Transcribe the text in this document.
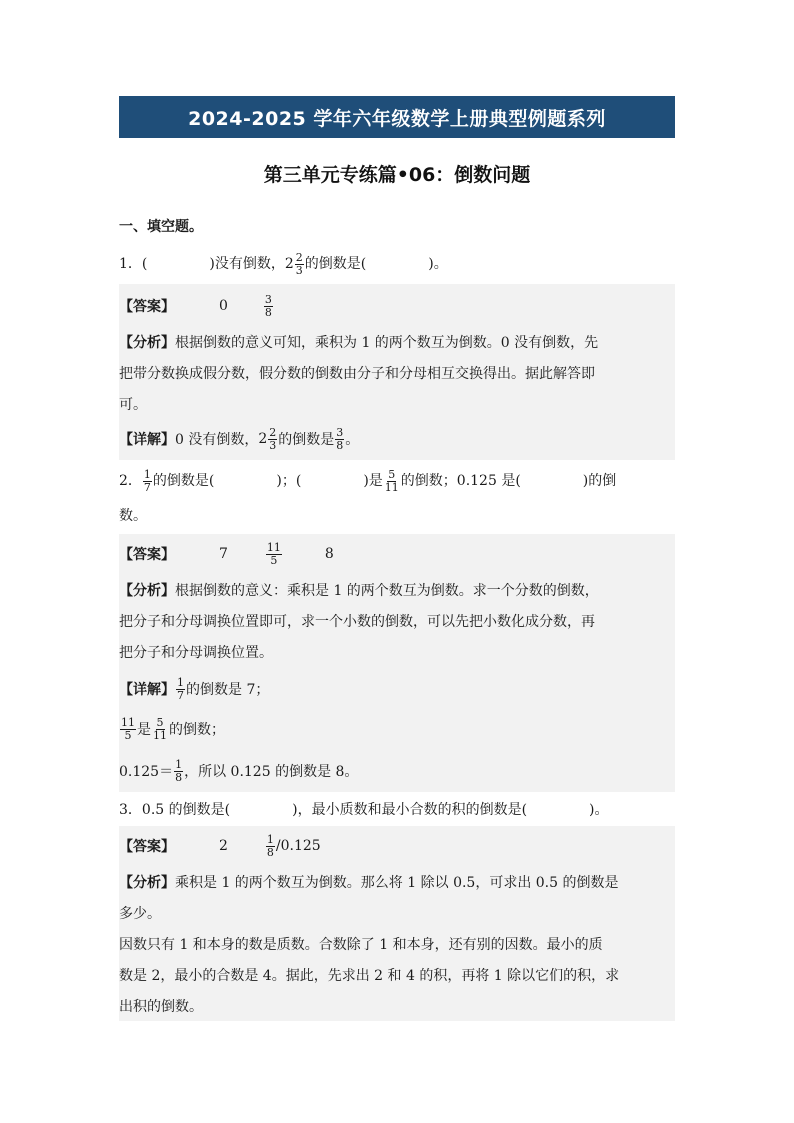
2024-2025 学年六年级数学上册典型例题系列
第三单元专练篇•06：倒数问题
一、填空题。
1．(	)没有倒数，$2 \frac{2}{3}$ 的倒数是(	)。
【答案】	0	$\frac{3}{8}$
【分析】根据倒数的意义可知，乘积为 1 的两个数互为倒数。0 没有倒数，先
把带分数换成假分数，假分数的倒数由分子和分母相互交换得出。据此解答即
可。
【详解】 0 没有倒数， $2 \frac{2}{3}$ 的倒数是 $\frac{3}{8}$ 。
2． $\frac{1}{7}$ 的倒数是(	)；(	)是 $\frac{5}{11}$ 的倒数；0.125 是(	)的倒
数。
【答案】	7	$\frac{11}{5}$	8
【分析】根据倒数的意义：乘积是 1 的两个数互为倒数。求一个分数的倒数，
把分子和分母调换位置即可，求一个小数的倒数，可以先把小数化成分数，再
把分子和分母调换位置。
【详解】 $\frac{1}{7}$ 的倒数是 7；
$\frac{11}{5}$ 是 $\frac{5}{11}$ 的倒数；
$0.125= \frac{1}{8}$ ，所以 0.125 的倒数是 8。
3．0.5 的倒数是(	)，最小质数和最小合数的积的倒数是(	)。
【答案】	2	$\frac{1}{8} /0.125$
【分析】乘积是 1 的两个数互为倒数。那么将 1 除以 0.5，可求出 0.5 的倒数是
多少。
因数只有 1 和本身的数是质数。合数除了 1 和本身，还有别的因数。最小的质
数是 2，最小的合数是 4。据此，先求出 2 和 4 的积，再将 1 除以它们的积，求
出积的倒数。
